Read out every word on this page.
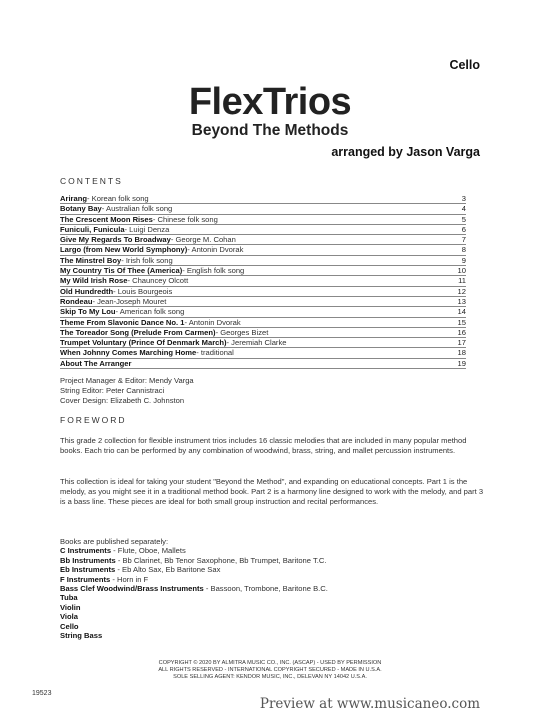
Cello
FlexTrios
Beyond The Methods
arranged by Jason Varga
CONTENTS
Arirang - Korean folk song	3
Botany Bay - Australian folk song	4
The Crescent Moon Rises - Chinese folk song	5
Funiculi, Funicula - Luigi Denza	6
Give My Regards To Broadway - George M. Cohan	7
Largo (from New World Symphony) - Antonin Dvorak	8
The Minstrel Boy - Irish folk song	9
My Country Tis Of Thee (America) - English folk song	10
My Wild Irish Rose - Chauncey Olcott	11
Old Hundredth - Louis Bourgeois	12
Rondeau - Jean-Joseph Mouret	13
Skip To My Lou - American folk song	14
Theme From Slavonic Dance No. 1 - Antonin Dvorak	15
The Toreador Song (Prelude From Carmen) - Georges Bizet	16
Trumpet Voluntary (Prince Of Denmark March) - Jeremiah Clarke	17
When Johnny Comes Marching Home - traditional	18
About The Arranger	19
Project Manager & Editor: Mendy Varga
String Editor: Peter Cannistraci
Cover Design: Elizabeth C. Johnston
FOREWORD
This grade 2 collection for flexible instrument trios includes 16 classic melodies that are included in many popular method books. Each trio can be performed by any combination of woodwind, brass, string, and mallet percussion instruments.
This collection is ideal for taking your student "Beyond the Method", and expanding on educational concepts. Part 1 is the melody, as you might see it in a traditional method book. Part 2 is a harmony line designed to work with the melody, and part 3 is a bass line. These pieces are ideal for both small group instruction and recital performances.
Books are published separately:
C Instruments - Flute, Oboe, Mallets
Bb Instruments - Bb Clarinet, Bb Tenor Saxophone, Bb Trumpet, Baritone T.C.
Eb Instruments - Eb Alto Sax, Eb Baritone Sax
F Instruments - Horn in F
Bass Clef Woodwind/Brass Instruments - Bassoon, Trombone, Baritone B.C.
Tuba
Violin
Viola
Cello
String Bass
COPYRIGHT © 2020 BY ALMITRA MUSIC CO., INC. (ASCAP) - USED BY PERMISSION
ALL RIGHTS RESERVED - INTERNATIONAL COPYRIGHT SECURED - MADE IN U.S.A.
SOLE SELLING AGENT: KENDOR MUSIC, INC., DELEVAN NY 14042 U.S.A.
19523
Preview at www.musicaneo.com
